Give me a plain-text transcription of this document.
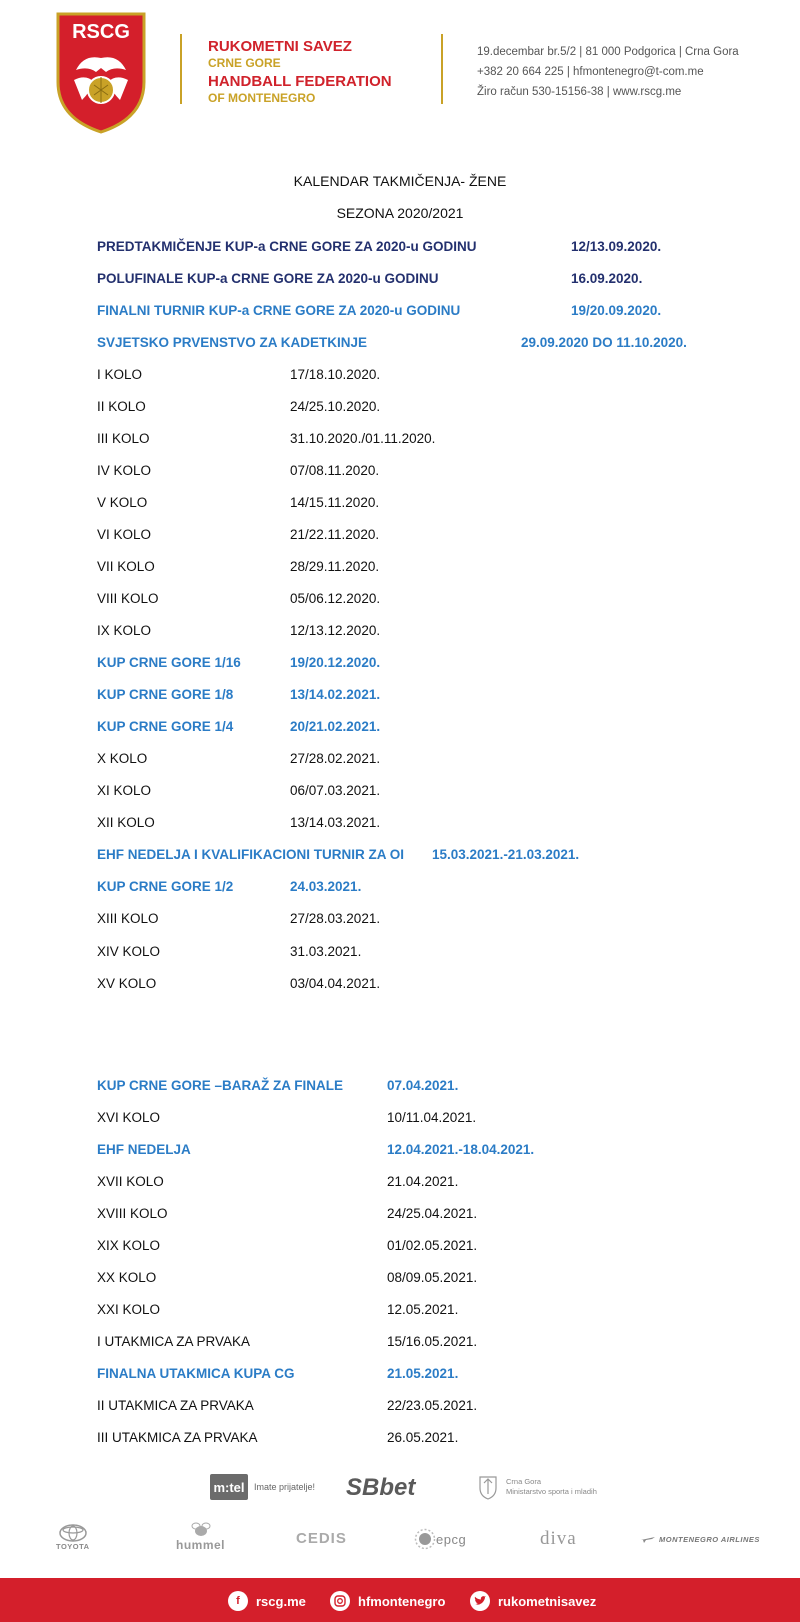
RSCG
RUKOMETNI SAVEZ
CRNE GORE
HANDBALL FEDERATION
OF MONTENEGRO
19.decembar br.5/2 | 81 000 Podgorica | Crna Gora
+382 20 664 225 | hfmontenegro@t-com.me
Žiro račun 530-15156-38 | www.rscg.me
KALENDAR TAKMIČENJA- ŽENE
SEZONA 2020/2021
PREDTAKMIČENJE KUP-a CRNE GORE ZA 2020-u GODINU	12/13.09.2020.
POLUFINALE KUP-a CRNE GORE ZA 2020-u GODINU	16.09.2020.
FINALNI TURNIR KUP-a CRNE GORE ZA 2020-u GODINU	19/20.09.2020.
SVJETSKO PRVENSTVO ZA KADETKINJE	29.09.2020 DO 11.10.2020.
I KOLO	17/18.10.2020.
II KOLO	24/25.10.2020.
III KOLO	31.10.2020./01.11.2020.
IV KOLO	07/08.11.2020.
V KOLO	14/15.11.2020.
VI KOLO	21/22.11.2020.
VII KOLO	28/29.11.2020.
VIII KOLO	05/06.12.2020.
IX KOLO	12/13.12.2020.
KUP CRNE GORE 1/16	19/20.12.2020.
KUP CRNE GORE 1/8	13/14.02.2021.
KUP CRNE GORE 1/4	20/21.02.2021.
X KOLO	27/28.02.2021.
XI KOLO	06/07.03.2021.
XII KOLO	13/14.03.2021.
EHF NEDELJA I KVALIFIKACIONI TURNIR ZA OI 15.03.2021.-21.03.2021.
KUP CRNE GORE 1/2	24.03.2021.
XIII KOLO	27/28.03.2021.
XIV KOLO	31.03.2021.
XV KOLO	03/04.04.2021.
KUP CRNE GORE –BARAŽ ZA FINALE	07.04.2021.
XVI KOLO	10/11.04.2021.
EHF NEDELJA	12.04.2021.-18.04.2021.
XVII KOLO	21.04.2021.
XVIII KOLO	24/25.04.2021.
XIX KOLO	01/02.05.2021.
XX KOLO	08/09.05.2021.
XXI KOLO	12.05.2021.
I UTAKMICA ZA PRVAKA	15/16.05.2021.
FINALNA UTAKMICA KUPA CG	21.05.2021.
II UTAKMICA ZA PRVAKA	22/23.05.2021.
III UTAKMICA ZA PRVAKA	26.05.2021.
m:tel	Imate prijatelje! SBbet	Crna Gora
Ministarstvo sporta i mladih
TOYOTA	hummel	CEDIS	epcg	diva	MONTENEGRO AIRLINES
f	rscg.me	hfmontenegro	rukometnisavez
